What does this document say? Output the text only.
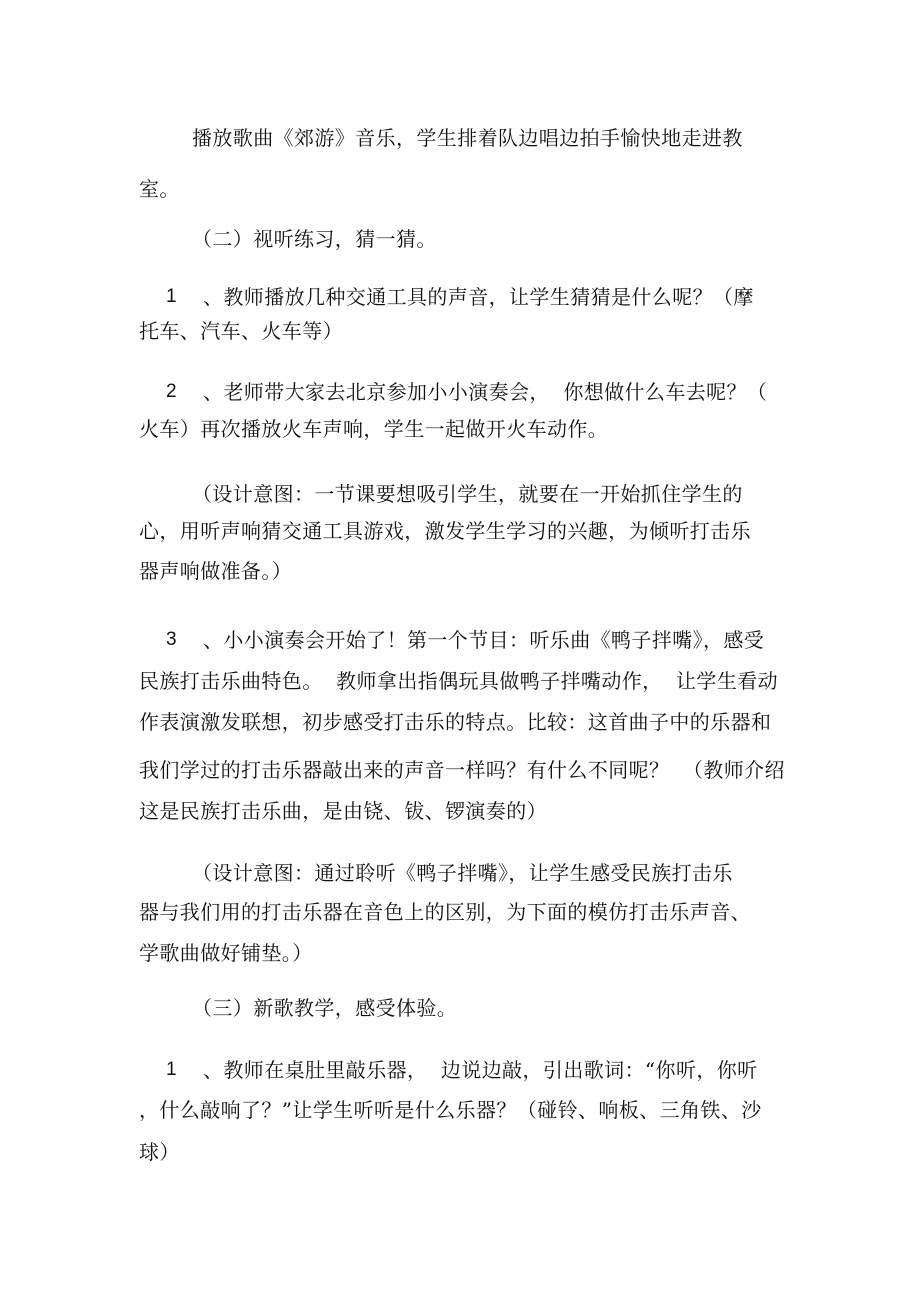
播放歌曲《郊游》音乐，学生排着队边唱边拍手愉快地走进教
室。
（二）视听练习，猜一猜。
1 、教师播放几种交通工具的声音，让学生猜猜是什么呢？（摩
托车、汽车、火车等）
2 、老师带大家去北京参加小小演奏会，  你想做什么车去呢？（
火车）再次播放火车声响，学生一起做开火车动作。
（设计意图：一节课要想吸引学生，就要在一开始抓住学生的
心，用听声响猜交通工具游戏，激发学生学习的兴趣，为倾听打击乐
器声响做准备。）
3 、小小演奏会开始了！第一个节目：听乐曲《鸭子拌嘴》，感受
民族打击乐曲特色。  教师拿出指偶玩具做鸭子拌嘴动作，  让学生看动
作表演激发联想，初步感受打击乐的特点。比较：这首曲子中的乐器和
我们学过的打击乐器敲出来的声音一样吗？有什么不同呢？  （教师介绍
这是民族打击乐曲，是由铙、钹、锣演奏的）
（设计意图：通过聆听《鸭子拌嘴》，让学生感受民族打击乐
器与我们用的打击乐器在音色上的区别，为下面的模仿打击乐声音、
学歌曲做好铺垫。）
（三）新歌教学，感受体验。
1 、教师在桌肚里敲乐器，  边说边敲，引出歌词：“你听，你听
，什么敲响了？”让学生听听是什么乐器？（碰铃、响板、三角铁、沙
球）
